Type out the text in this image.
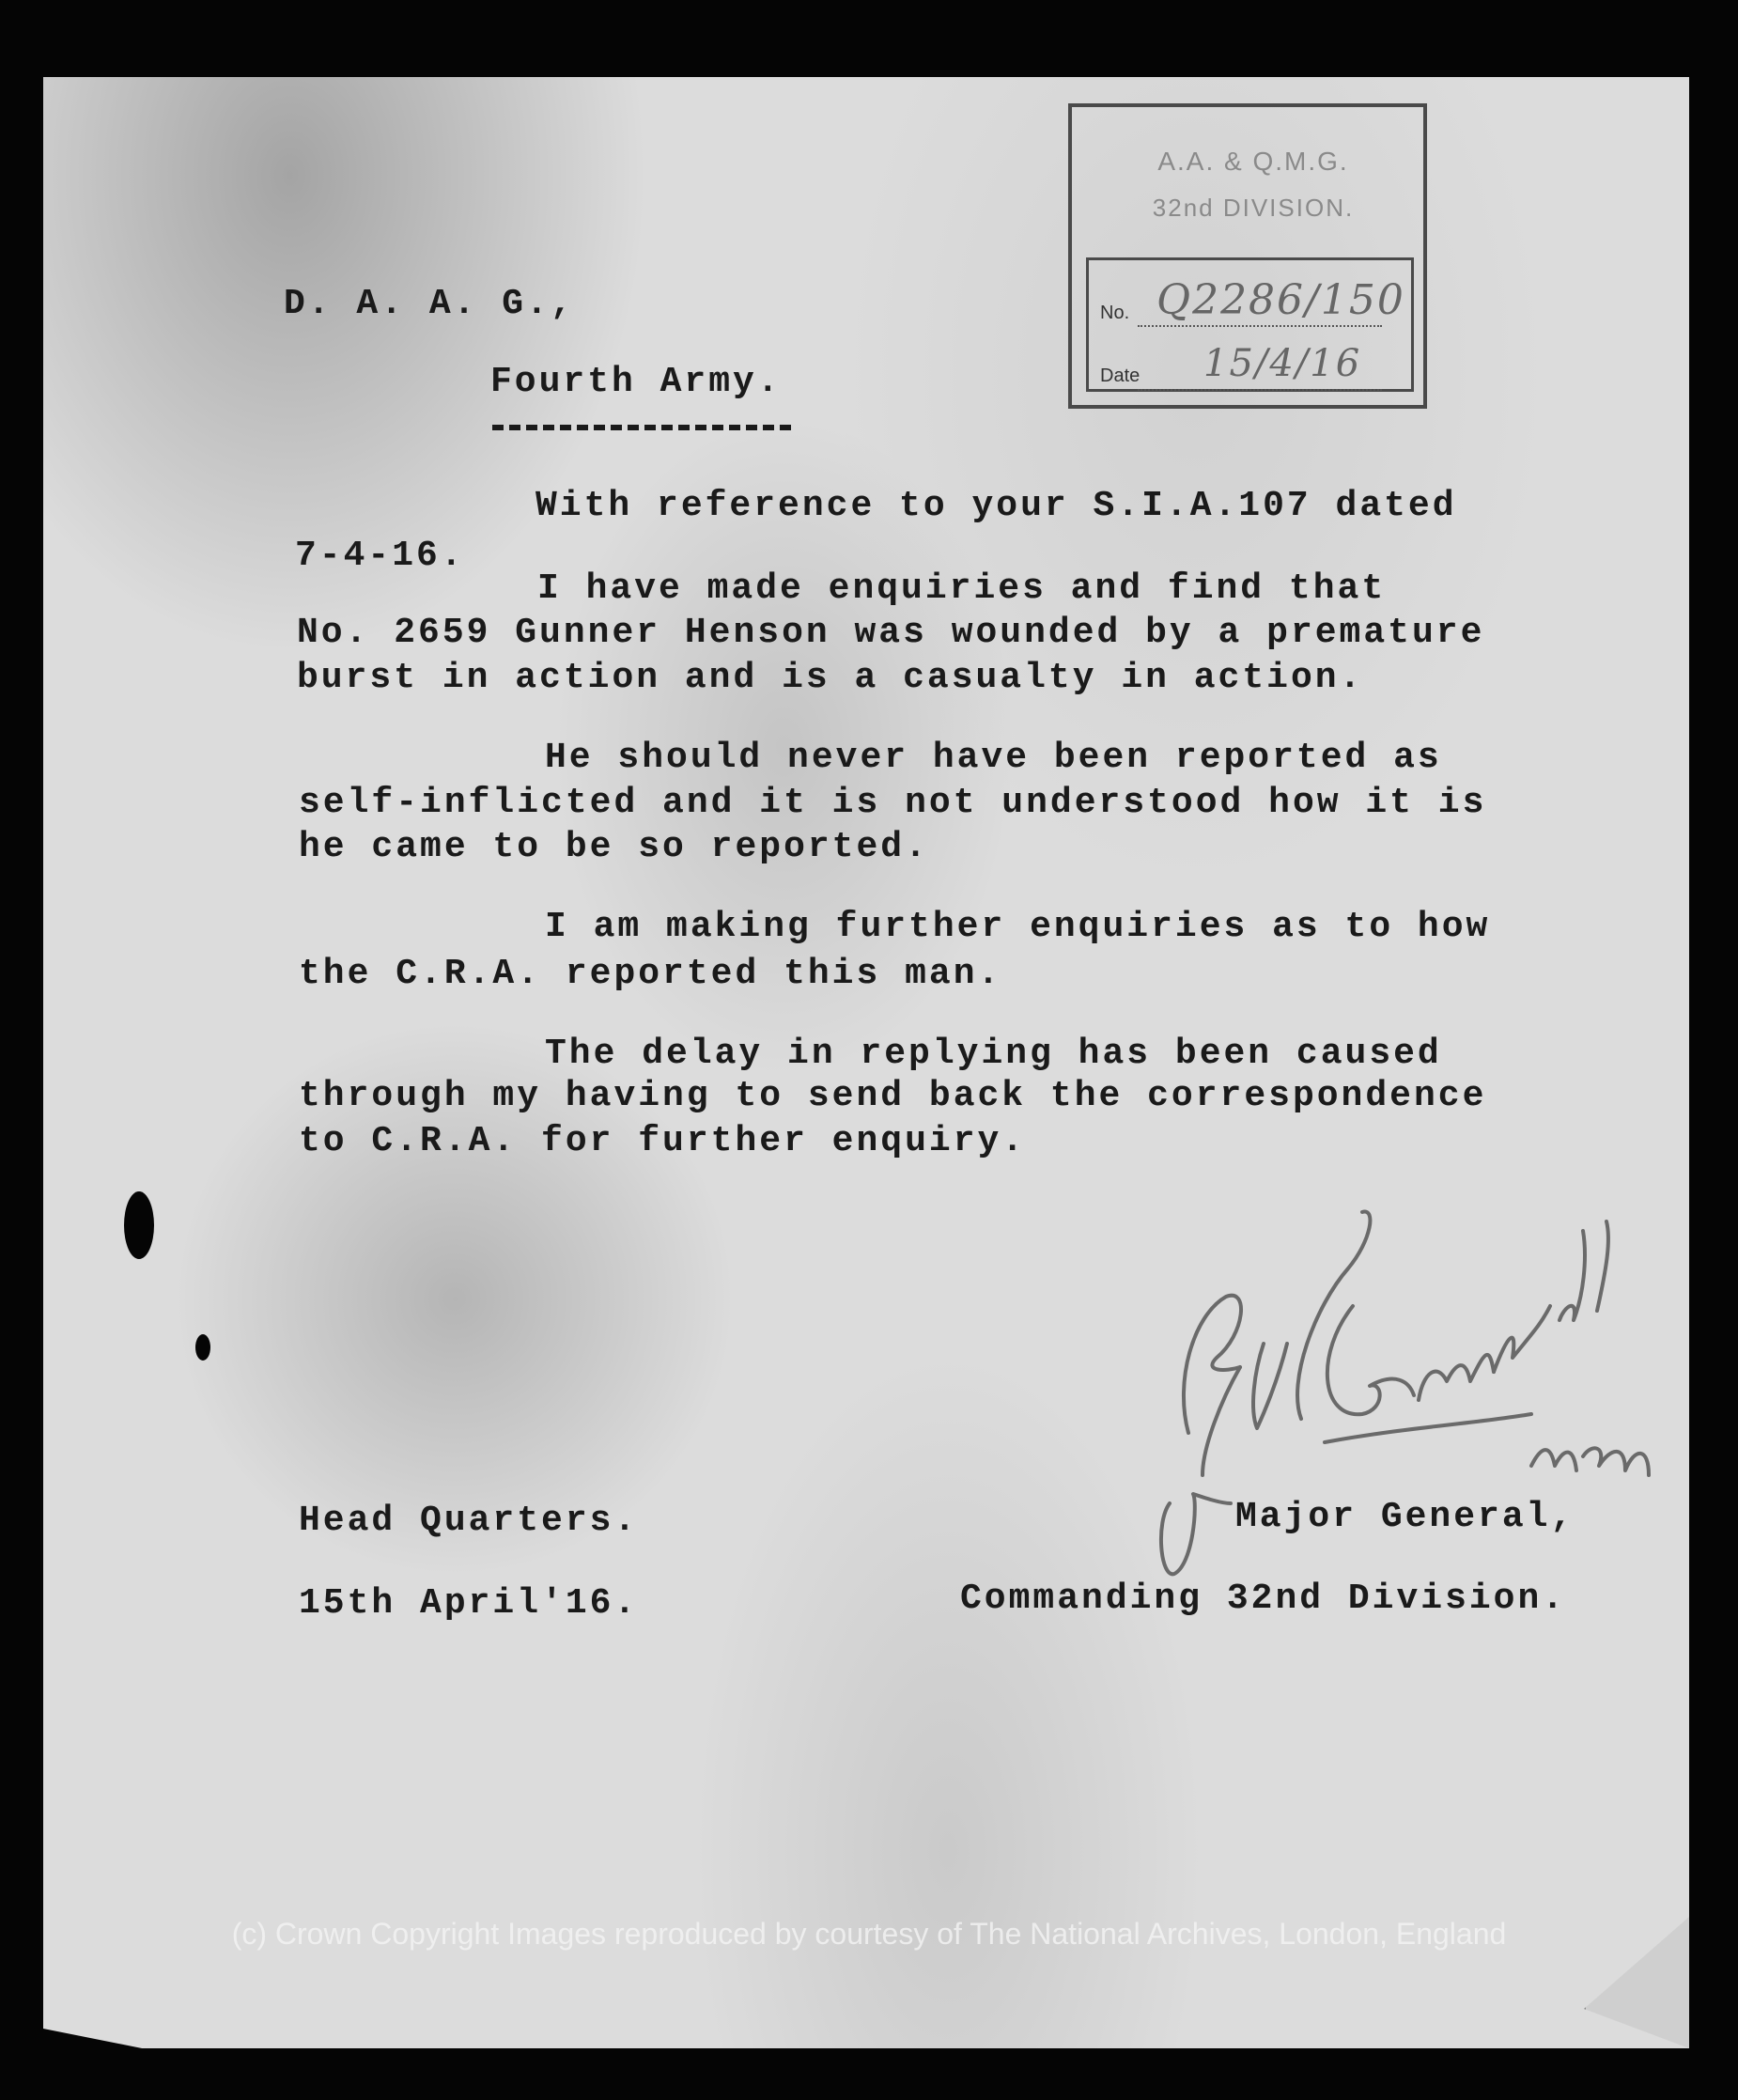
A.A. & Q.M.G.
32nd DIVISION.
No. Q2286/150
Date 15/4/16
D. A. A. G.,
Fourth Army.
With reference to your S.I.A.107 dated
7-4-16.
I have made enquiries and find that
No. 2659 Gunner Henson was wounded by a premature
burst in action and is a casualty in action.
He should never have been reported as
self-inflicted and it is not understood how it is
he came to be so reported.
I am making further enquiries as to how
the C.R.A. reported this man.
The delay in replying has been caused
through my having to send back the correspondence
to C.R.A. for further enquiry.
Head Quarters.
15th April'16.
Major General,
Commanding 32nd Division.
(c) Crown Copyright Images reproduced by courtesy of The National Archives, London, England
